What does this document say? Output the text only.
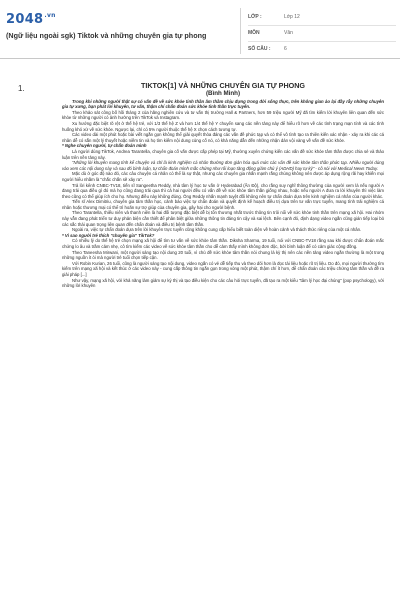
$2048^{.vn}$
(Ngữ liệu ngoài sgk) Tiktok và những chuyên gia tự phong
LỚP :	Lớp 12
MÔN	Văn
SỐ CÂU :	6
1.	TIKTOK[1] VÀ NHỮNG CHUYÊN GIA TỰ PHONG
(Bình Minh)

Trong khi những người thật sự có vấn đề về sức khỏe tinh thần âm thầm chịu đựng trong đời sống thực, trên không gian ảo lại đầy rẫy những chuyên gia tự xưng, bạn phát lời khuyên, tư vấn, thậm chí chẩn đoán sức khỏe tinh thần trực tuyến.

Theo khảo sát công bố hồi tháng 2 của hãng nghiên cứu và tư vấn thị trường Hall & Partners, hơn 59 triệu người Mỹ đã tìm kiếm lời khuyên liên quan đến sức khỏe từ những người có ảnh hưởng trên TikTok và Instagram.

Xu hướng đặc biệt rõ rệt ở thế hệ trẻ, với 1/3 thế hệ Z và hơn 1/4 thế hệ Y chuyển sang các nền tảng này để hiểu rõ hơn về các tình trạng mạn tính và các tình huống khó xử về sức khỏe. Ngược lại, chỉ có 5% người thuộc thế hệ X chọn cách tương tự.

Các video dài một phút hoặc bài viết ngắn gọn không thể giải quyết thỏa đáng các vấn đề phức tạp và có thể vô tình tạo ra thiên kiến xác nhận - xảy ra khi các cá nhân dễ có sẵn một lý thuyết hoặc niềm tin và họ tìm kiếm nội dung củng cố nó, có khả năng dẫn đến những nhận dán vội vàng về vấn đề sức khỏe.

* Nghe chuyên người, tự chẩn đoán mình

Là người dùng TikTok, Andrea Tarantella, chuyên gia cố vấn được cấp phép tại Mỹ, thường xuyên chứng kiến các vấn đề sức khỏe tâm thần được chia sẻ và thảo luận trên nền tảng này.

"Những lời khuyên mang tính kể chuyện và chỉ là kinh nghiệm cá nhân thường đơn giản hóa quá mức các vấn đề sức khỏe tâm thần phức tạp. Nhiều người dùng vào xem các nội dung này và sau đó bình luận, tự chẩn đoán mình mắc chứng như rối loạn tăng động giảm chú ý (ADHD) hay tự kỷ" - cô nói với Medical News Today.

Mặc dù ở góc độ nào đó, các câu chuyện cá nhân có thể là sự thật, nhưng các chuyên gia nhấn mạnh rằng chúng không nên được áp dụng rộng rãi hay khiến mọi người hiểu nhầm là "chắc chắn sẽ xảy ra".

Trả lời kênh CNBC-TV18, tiến sĩ Sangeetha Reddy, nhà tâm lý học tư vấn ở Hyderabad (Ấn Độ), cho rằng suy nghĩ thông thường của người xem là nếu người A đang trải qua điều gì đó mà họ cũng đang trải qua thì cả hai người đều có vấn đề về sức khỏe tâm thần giống nhau, hoặc nếu người A đưa ra lời khuyên thì việc làm theo cũng có thể giúp ích cho họ. Nhưng điều này không đúng. Ông Reddy nhấn mạnh tuyệt đối không nên tự chẩn đoán dựa trên kinh nghiệm cá nhân của người khác.

Tiến sĩ Alex Dimitriu, chuyên gia tâm thần học, cảnh báo việc tự chẩn đoán và quyết định kế hoạch điều trị dựa trên tư vấn trực tuyến, mang tính trải nghiệm cá nhân hoặc thương mại có thể trì hoãn sự trợ giúp của chuyên gia, gây hại cho người bệnh.

Theo Tarantella, thiếu niên và thanh niên là hai đối tượng đặc biệt dễ bị tổn thương nhất trước thông tin trôi nổi về sức khỏe tinh thần trên mạng xã hội. Hai nhóm này vẫn đang phát triển tư duy phản biện cần thiết để phân biệt giữa những thông tin đáng tin cậy và sai lệch. Bên cạnh đó, định dạng video ngắn cũng gián tiếp loại bỏ các sắc thái quan trọng liên quan đến chẩn đoán và điều trị bệnh tâm thần.

Ngoài ra, việc tự chẩn đoán dựa trên lời khuyên trực tuyến cũng không cung cấp hiểu biết toàn diện về hoàn cảnh và thách thức riêng của một cá nhân.

* Vì sao người trẻ thích "chuyên gia" TikTok?

Có nhiều lý do thế hệ trẻ chọn mạng xã hội để tìm tư vấn về sức khỏe tâm thần. Diksha Sharma, 19 tuổi, nói với CNBC-TV18 rằng sau khi được chẩn đoán mắc chứng lo âu và trầm cảm nhẹ, cô tìm kiếm các video về sức khỏe tâm thần cho dễ cảm thấy mình không đơn độc, bởi bình luận để có cảm giác cộng đồng.

Theo Taneesha Mirwani, một người sáng tạo nội dung 20 tuổi, vì chủ đề sức khỏe tâm thần nói chung là kỳ thị nên các nền tảng video ngắn thường là một trong những nguồn ít ỏi mà người trẻ tuổi chọn tiếp cận.

Với Robin Kurian, 26 tuổi, cũng là người sáng tạo nội dung, video ngắn có vẻ dễ tiếp thu và theo dõi hơn là đọc tài liệu hoặc rõ trị liệu. Do đó, mọi người thường tìm kiếm trên mạng xã hội và kết thúc ở các video này - cung cấp thông tin ngắn gọn trong vòng một phút, thậm chí ít hơn, để chẩn đoán các triệu chứng tâm thần và đề ra giải pháp [...]

Như vậy, mạng xã hội, với khả năng làm giảm sự kỳ thị và tạo điều kiện cho các câu hỏi trực tuyến, đã tạo ra một kiểu "tâm lý học đại chúng" (pop psychology), với những lời khuyên
